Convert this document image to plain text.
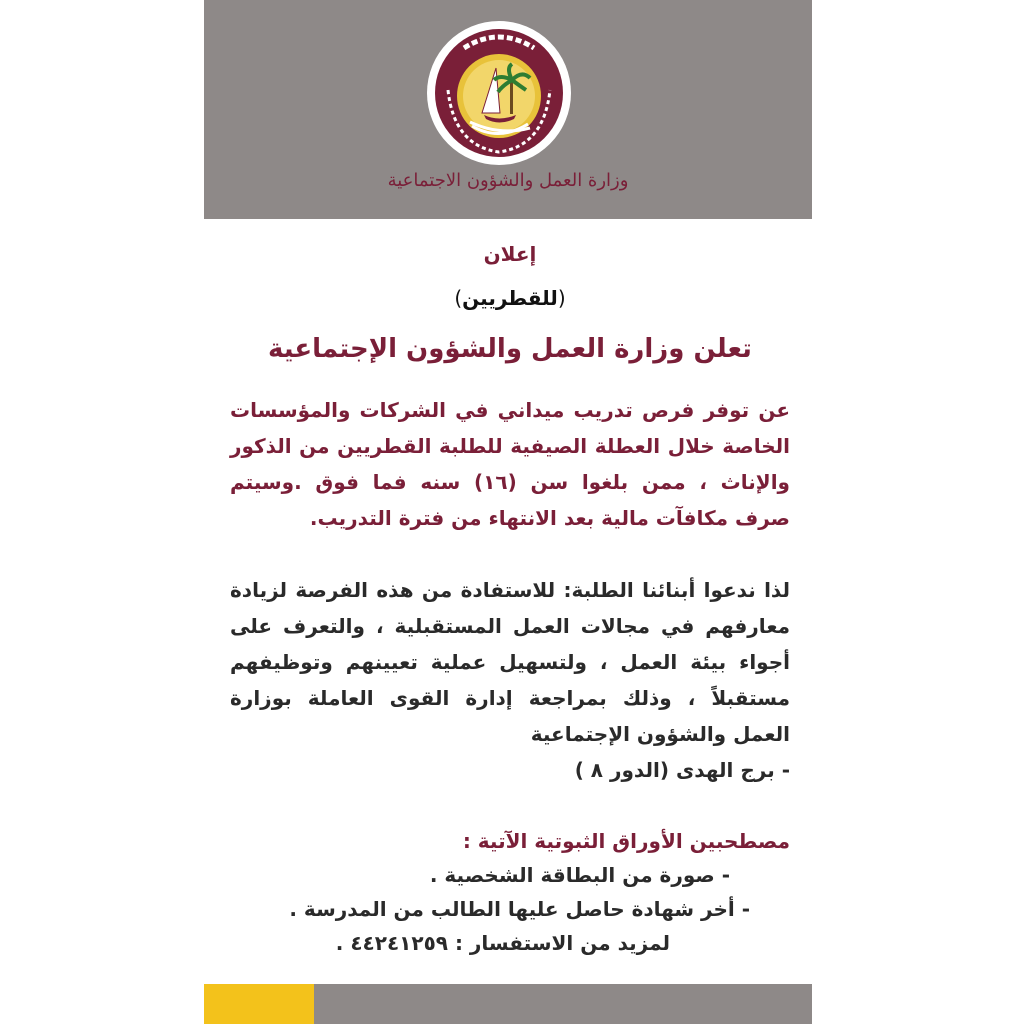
وزارة العمل والشؤون الاجتماعية
إعلان
(للقطريين)
تعلن وزارة العمل والشؤون الإجتماعية
عن توفر فرص تدريب ميداني في الشركات والمؤسسات الخاصة خلال العطلة الصيفية للطلبة القطريين من الذكور والإناث ، ممن بلغوا سن (١٦) سنه فما فوق .وسيتم صرف مكافآت مالية بعد الانتهاء من فترة التدريب.
لذا ندعوا أبنائنا الطلبة: للاستفادة من هذه الفرصة لزيادة معارفهم في مجالات العمل المستقبلية ، والتعرف على أجواء بيئة العمل ، ولتسهيل عملية تعيينهم وتوظيفهم مستقبلاً ، وذلك بمراجعة إدارة القوى العاملة بوزارة العمل والشؤون الإجتماعية
- برج الهدى (الدور ٨ )
مصطحبين الأوراق الثبوتية الآتية :
- صورة من البطاقة الشخصية .
- أخر شهادة حاصل عليها الطالب من المدرسة .
لمزيد من الاستفسار : ٤٤٢٤١٢٥٩ .
